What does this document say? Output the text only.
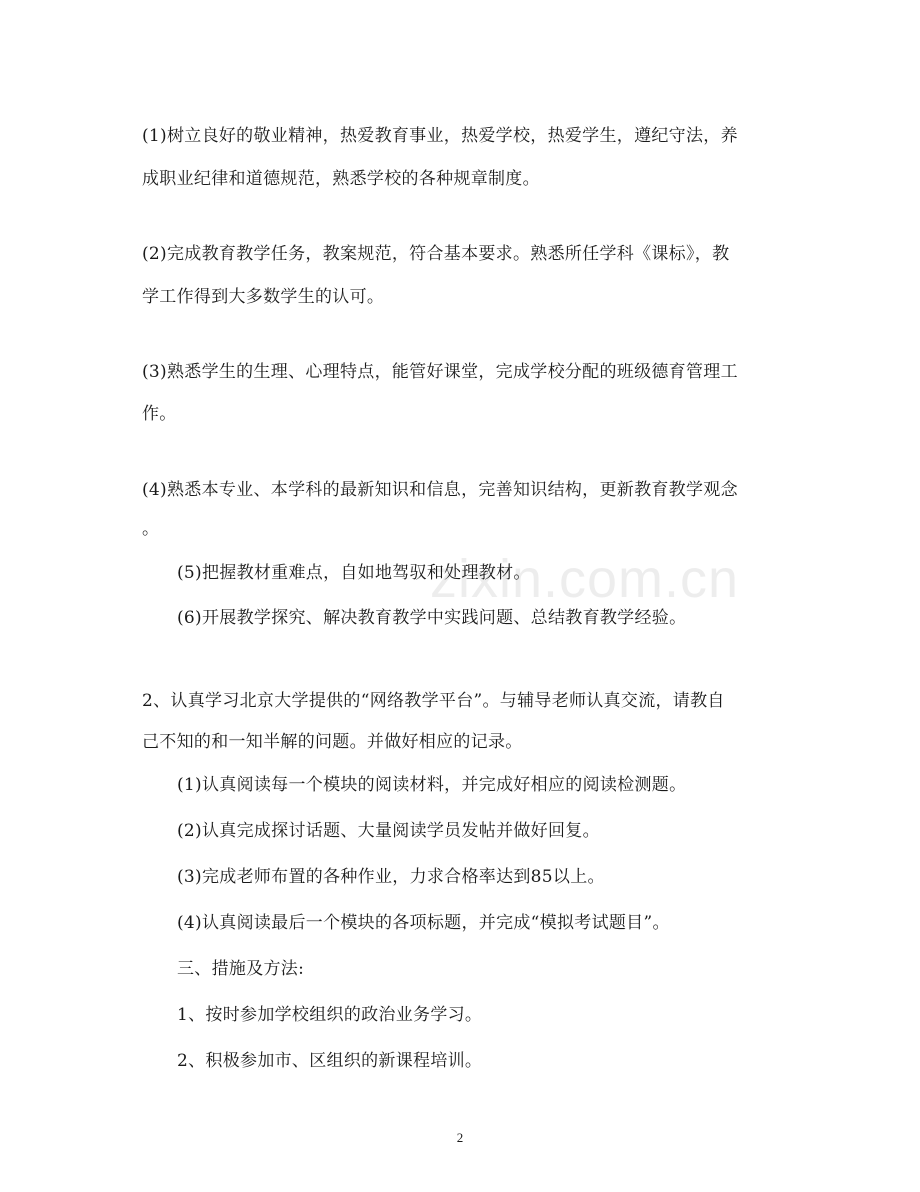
zixin.com.cn

(1)树立良好的敬业精神，热爱教育事业，热爱学校，热爱学生，遵纪守法，养

成职业纪律和道德规范，熟悉学校的各种规章制度。

(2)完成教育教学任务，教案规范，符合基本要求。熟悉所任学科《课标》，教

学工作得到大多数学生的认可。

(3)熟悉学生的生理、心理特点，能管好课堂，完成学校分配的班级德育管理工

作。

(4)熟悉本专业、本学科的最新知识和信息，完善知识结构，更新教育教学观念

。

(5)把握教材重难点，自如地驾驭和处理教材。

(6)开展教学探究、解决教育教学中实践问题、总结教育教学经验。

2、认真学习北京大学提供的“网络教学平台”。与辅导老师认真交流，请教自

己不知的和一知半解的问题。并做好相应的记录。

(1)认真阅读每一个模块的阅读材料，并完成好相应的阅读检测题。

(2)认真完成探讨话题、大量阅读学员发帖并做好回复。

(3)完成老师布置的各种作业，力求合格率达到85以上。

(4)认真阅读最后一个模块的各项标题，并完成“模拟考试题目”。

三、措施及方法:

1、按时参加学校组织的政治业务学习。

2、积极参加市、区组织的新课程培训。

2
